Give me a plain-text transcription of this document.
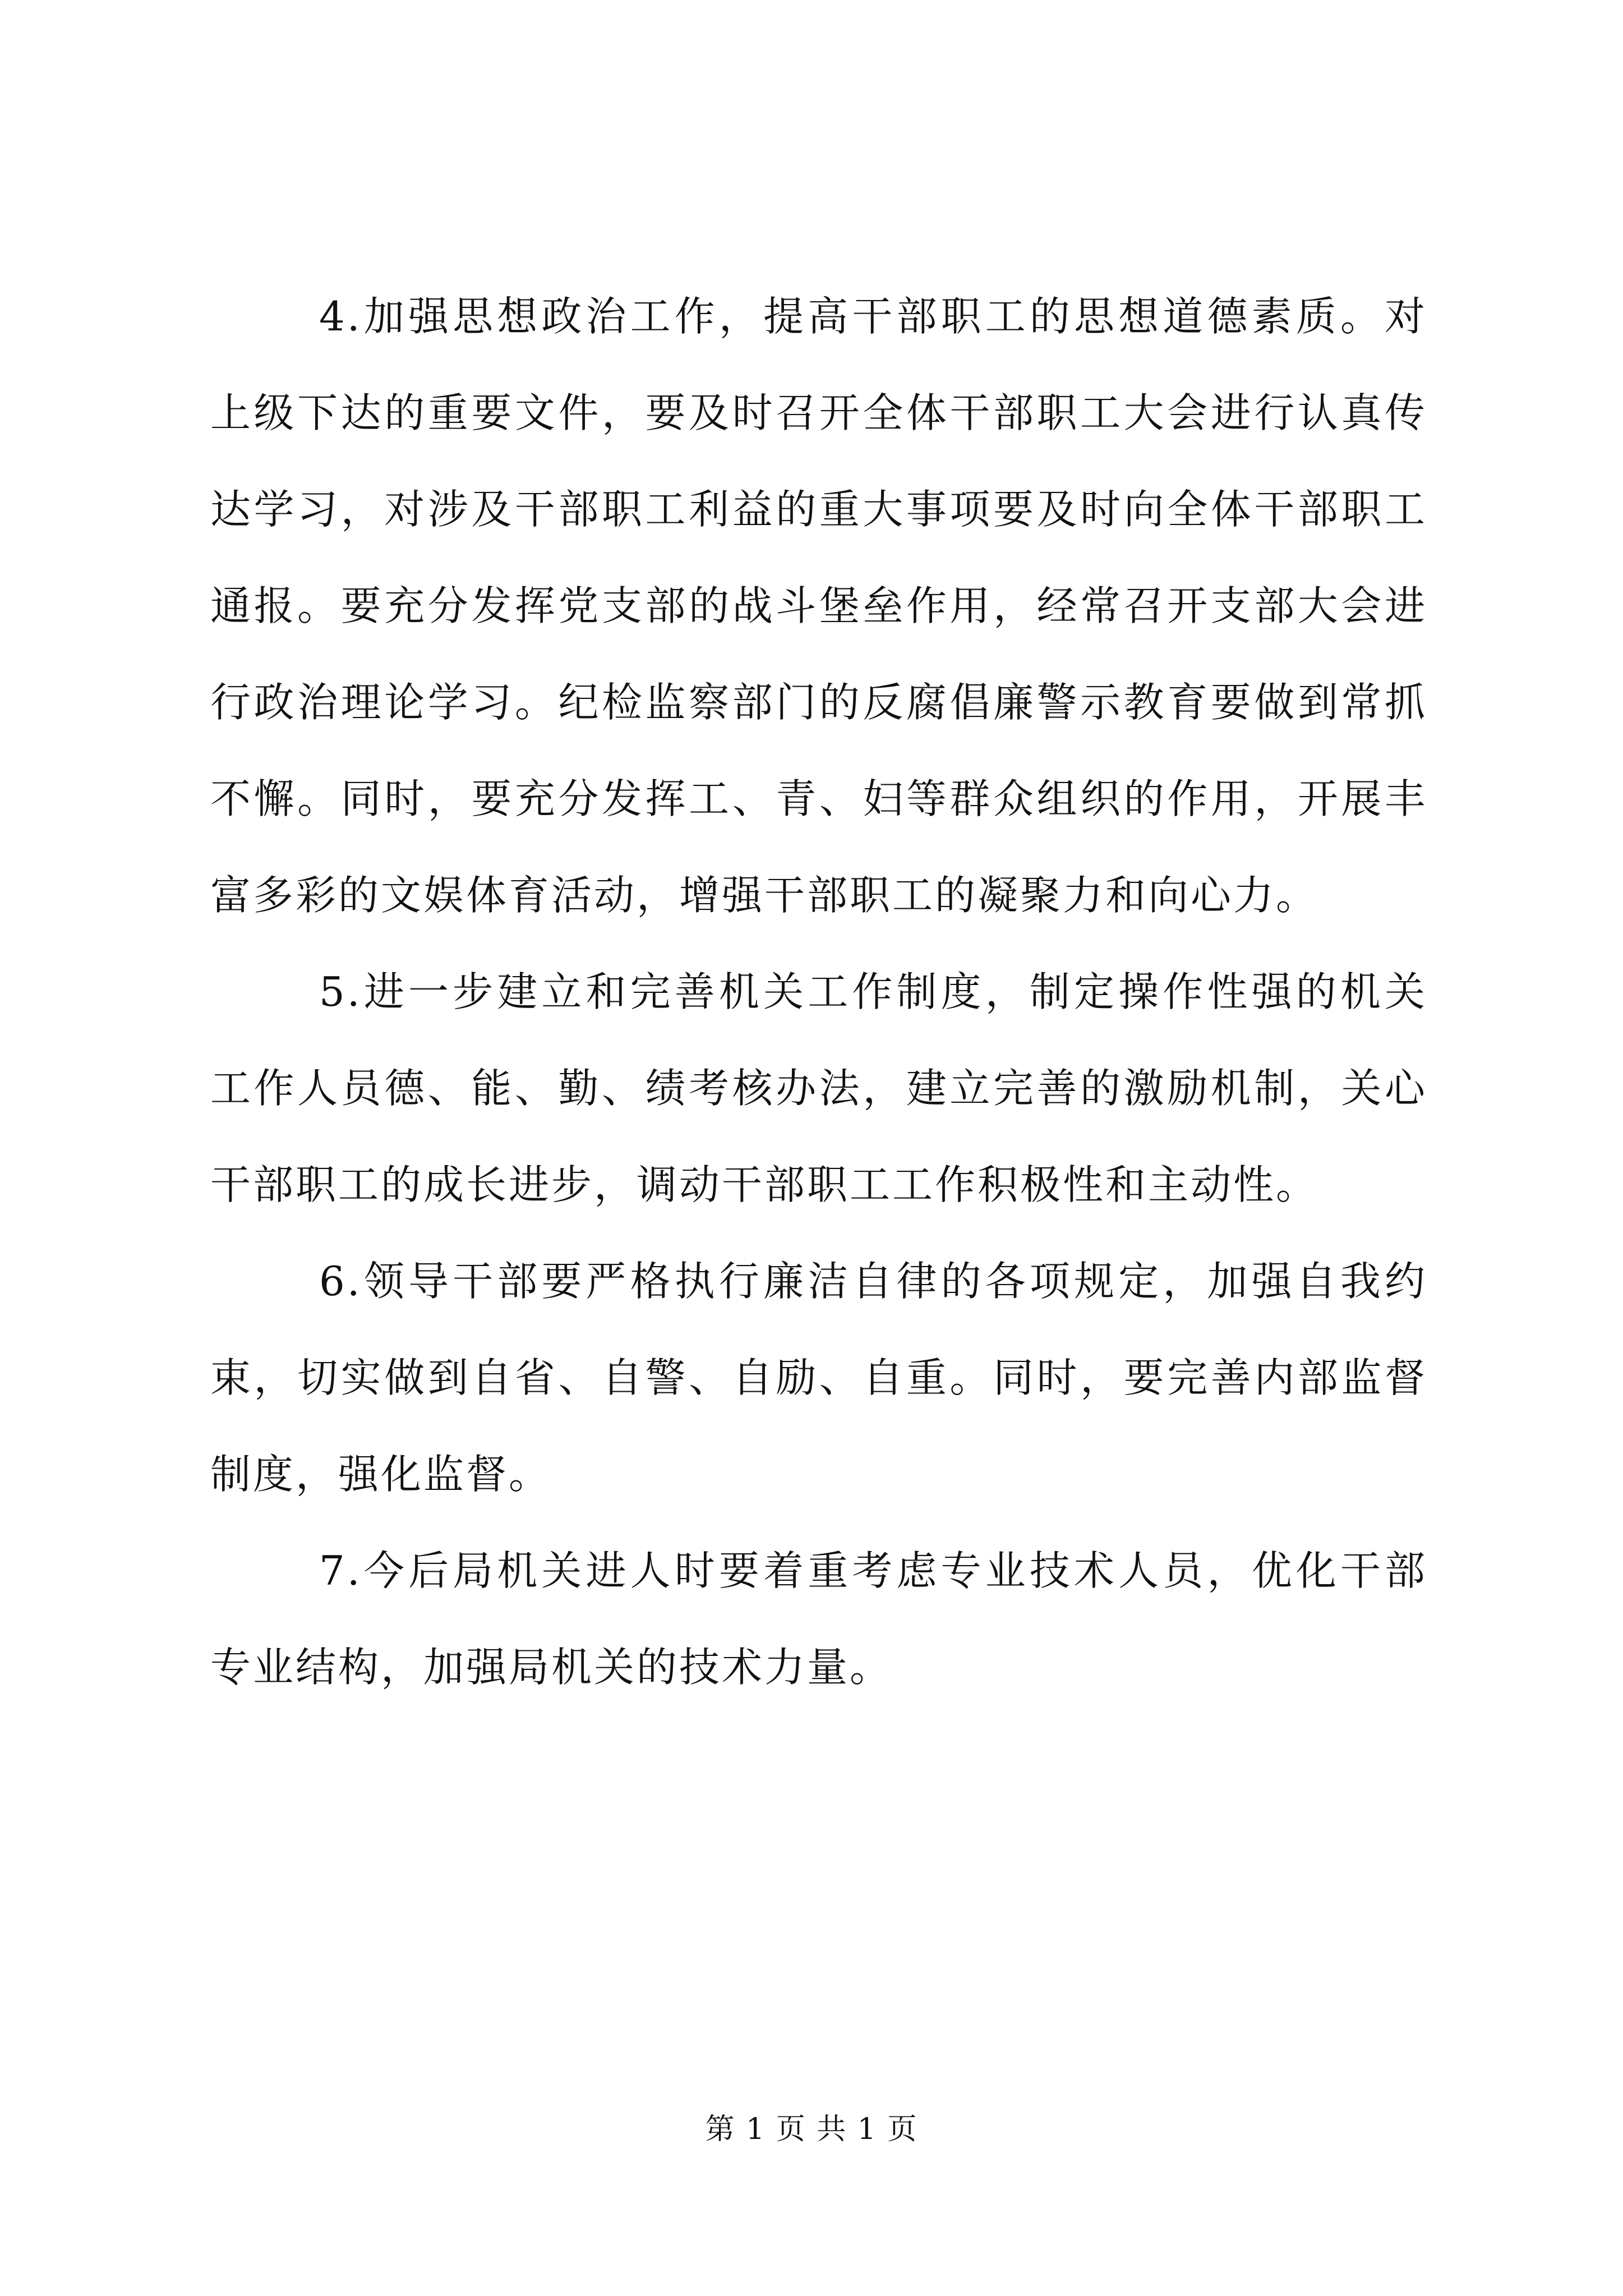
4.加强思想政治工作，提高干部职工的思想道德素质。对上级下达的重要文件，要及时召开全体干部职工大会进行认真传达学习，对涉及干部职工利益的重大事项要及时向全体干部职工通报。要充分发挥党支部的战斗堡垒作用，经常召开支部大会进行政治理论学习。纪检监察部门的反腐倡廉警示教育要做到常抓不懈。同时，要充分发挥工、青、妇等群众组织的作用，开展丰富多彩的文娱体育活动，增强干部职工的凝聚力和向心力。

5.进一步建立和完善机关工作制度，制定操作性强的机关工作人员德、能、勤、绩考核办法，建立完善的激励机制，关心干部职工的成长进步，调动干部职工工作积极性和主动性。

6.领导干部要严格执行廉洁自律的各项规定，加强自我约束，切实做到自省、自警、自励、自重。同时，要完善内部监督制度，强化监督。

7.今后局机关进人时要着重考虑专业技术人员，优化干部专业结构，加强局机关的技术力量。

第 1 页 共 1 页
